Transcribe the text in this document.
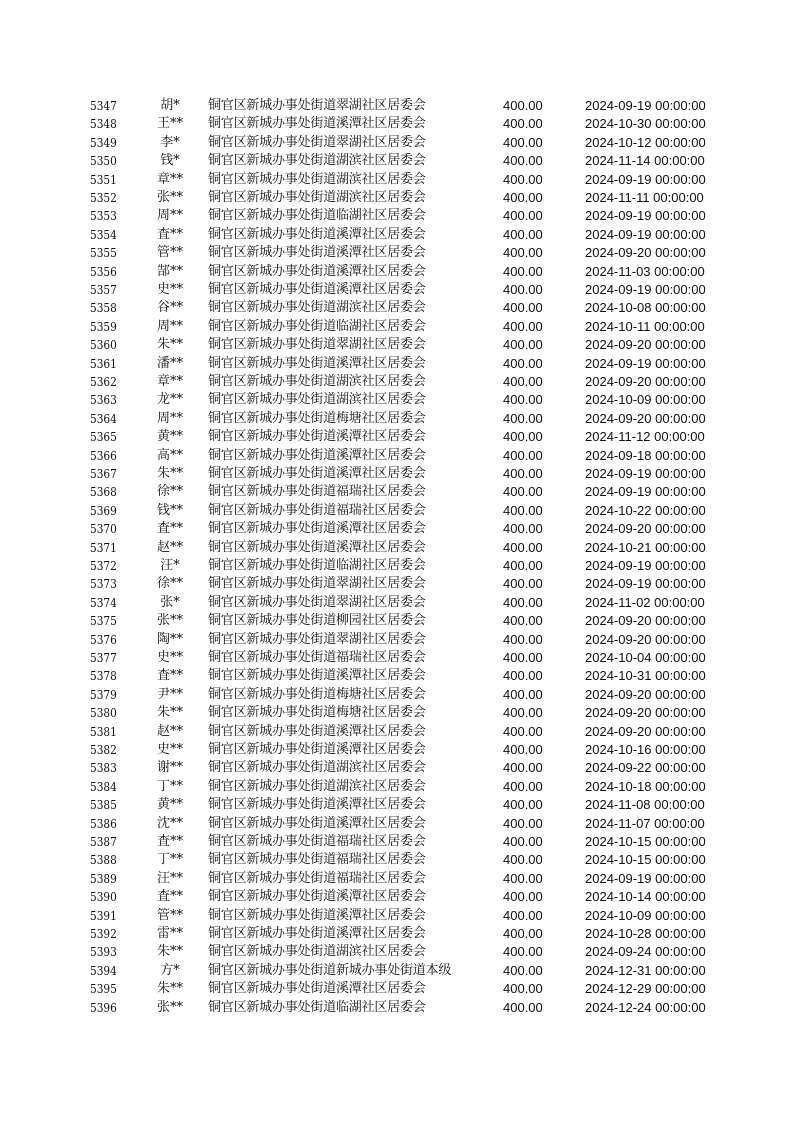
5347	胡*	铜官区新城办事处街道翠湖社区居委会	400.00	2024-09-19 00:00:00
5348	王**	铜官区新城办事处街道溪潭社区居委会	400.00	2024-10-30 00:00:00
5349	李*	铜官区新城办事处街道翠湖社区居委会	400.00	2024-10-12 00:00:00
5350	钱*	铜官区新城办事处街道湖滨社区居委会	400.00	2024-11-14 00:00:00
5351	章**	铜官区新城办事处街道湖滨社区居委会	400.00	2024-09-19 00:00:00
5352	张**	铜官区新城办事处街道湖滨社区居委会	400.00	2024-11-11 00:00:00
5353	周**	铜官区新城办事处街道临湖社区居委会	400.00	2024-09-19 00:00:00
5354	査**	铜官区新城办事处街道溪潭社区居委会	400.00	2024-09-19 00:00:00
5355	管**	铜官区新城办事处街道溪潭社区居委会	400.00	2024-09-20 00:00:00
5356	郜**	铜官区新城办事处街道溪潭社区居委会	400.00	2024-11-03 00:00:00
5357	史**	铜官区新城办事处街道溪潭社区居委会	400.00	2024-09-19 00:00:00
5358	谷**	铜官区新城办事处街道湖滨社区居委会	400.00	2024-10-08 00:00:00
5359	周**	铜官区新城办事处街道临湖社区居委会	400.00	2024-10-11 00:00:00
5360	朱**	铜官区新城办事处街道翠湖社区居委会	400.00	2024-09-20 00:00:00
5361	潘**	铜官区新城办事处街道溪潭社区居委会	400.00	2024-09-19 00:00:00
5362	章**	铜官区新城办事处街道湖滨社区居委会	400.00	2024-09-20 00:00:00
5363	龙**	铜官区新城办事处街道湖滨社区居委会	400.00	2024-10-09 00:00:00
5364	周**	铜官区新城办事处街道梅塘社区居委会	400.00	2024-09-20 00:00:00
5365	黄**	铜官区新城办事处街道溪潭社区居委会	400.00	2024-11-12 00:00:00
5366	高**	铜官区新城办事处街道溪潭社区居委会	400.00	2024-09-18 00:00:00
5367	朱**	铜官区新城办事处街道溪潭社区居委会	400.00	2024-09-19 00:00:00
5368	徐**	铜官区新城办事处街道福瑞社区居委会	400.00	2024-09-19 00:00:00
5369	钱**	铜官区新城办事处街道福瑞社区居委会	400.00	2024-10-22 00:00:00
5370	査**	铜官区新城办事处街道溪潭社区居委会	400.00	2024-09-20 00:00:00
5371	赵**	铜官区新城办事处街道溪潭社区居委会	400.00	2024-10-21 00:00:00
5372	汪*	铜官区新城办事处街道临湖社区居委会	400.00	2024-09-19 00:00:00
5373	徐**	铜官区新城办事处街道翠湖社区居委会	400.00	2024-09-19 00:00:00
5374	张*	铜官区新城办事处街道翠湖社区居委会	400.00	2024-11-02 00:00:00
5375	张**	铜官区新城办事处街道柳园社区居委会	400.00	2024-09-20 00:00:00
5376	陶**	铜官区新城办事处街道翠湖社区居委会	400.00	2024-09-20 00:00:00
5377	史**	铜官区新城办事处街道福瑞社区居委会	400.00	2024-10-04 00:00:00
5378	査**	铜官区新城办事处街道溪潭社区居委会	400.00	2024-10-31 00:00:00
5379	尹**	铜官区新城办事处街道梅塘社区居委会	400.00	2024-09-20 00:00:00
5380	朱**	铜官区新城办事处街道梅塘社区居委会	400.00	2024-09-20 00:00:00
5381	赵**	铜官区新城办事处街道溪潭社区居委会	400.00	2024-09-20 00:00:00
5382	史**	铜官区新城办事处街道溪潭社区居委会	400.00	2024-10-16 00:00:00
5383	谢**	铜官区新城办事处街道湖滨社区居委会	400.00	2024-09-22 00:00:00
5384	丁**	铜官区新城办事处街道湖滨社区居委会	400.00	2024-10-18 00:00:00
5385	黄**	铜官区新城办事处街道溪潭社区居委会	400.00	2024-11-08 00:00:00
5386	沈**	铜官区新城办事处街道溪潭社区居委会	400.00	2024-11-07 00:00:00
5387	査**	铜官区新城办事处街道福瑞社区居委会	400.00	2024-10-15 00:00:00
5388	丁**	铜官区新城办事处街道福瑞社区居委会	400.00	2024-10-15 00:00:00
5389	汪**	铜官区新城办事处街道福瑞社区居委会	400.00	2024-09-19 00:00:00
5390	査**	铜官区新城办事处街道溪潭社区居委会	400.00	2024-10-14 00:00:00
5391	管**	铜官区新城办事处街道溪潭社区居委会	400.00	2024-10-09 00:00:00
5392	雷**	铜官区新城办事处街道溪潭社区居委会	400.00	2024-10-28 00:00:00
5393	朱**	铜官区新城办事处街道湖滨社区居委会	400.00	2024-09-24 00:00:00
5394	方*	铜官区新城办事处街道新城办事处街道本级	400.00	2024-12-31 00:00:00
5395	朱**	铜官区新城办事处街道溪潭社区居委会	400.00	2024-12-29 00:00:00
5396	张**	铜官区新城办事处街道临湖社区居委会	400.00	2024-12-24 00:00:00
